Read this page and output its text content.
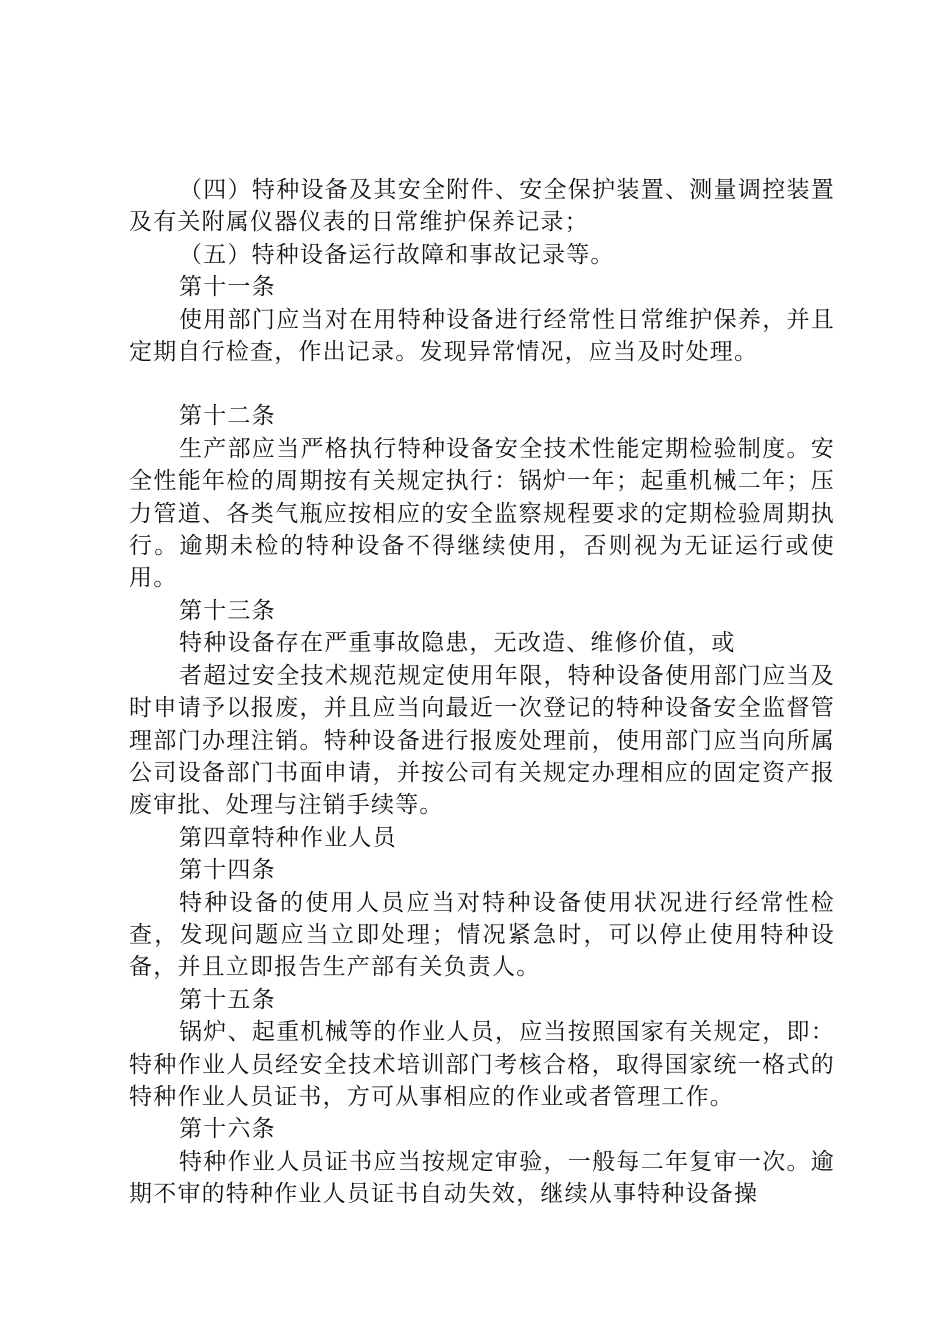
（四）特种设备及其安全附件、安全保护装置、测量调控装置及有关附属仪器仪表的日常维护保养记录；

（五）特种设备运行故障和事故记录等。

第十一条

使用部门应当对在用特种设备进行经常性日常维护保养，并且定期自行检查，作出记录。发现异常情况，应当及时处理。

第十二条

生产部应当严格执行特种设备安全技术性能定期检验制度。安全性能年检的周期按有关规定执行：锅炉一年；起重机械二年；压力管道、各类气瓶应按相应的安全监察规程要求的定期检验周期执行。逾期未检的特种设备不得继续使用，否则视为无证运行或使用。

第十三条

特种设备存在严重事故隐患，无改造、维修价值，或

者超过安全技术规范规定使用年限，特种设备使用部门应当及时申请予以报废，并且应当向最近一次登记的特种设备安全监督管理部门办理注销。特种设备进行报废处理前，使用部门应当向所属公司设备部门书面申请，并按公司有关规定办理相应的固定资产报废审批、处理与注销手续等。

第四章特种作业人员

第十四条

特种设备的使用人员应当对特种设备使用状况进行经常性检查，发现问题应当立即处理；情况紧急时，可以停止使用特种设备，并且立即报告生产部有关负责人。

第十五条

锅炉、起重机械等的作业人员，应当按照国家有关规定，即：特种作业人员经安全技术培训部门考核合格，取得国家统一格式的特种作业人员证书，方可从事相应的作业或者管理工作。

第十六条

特种作业人员证书应当按规定审验，一般每二年复审一次。逾期不审的特种作业人员证书自动失效，继续从事特种设备操
